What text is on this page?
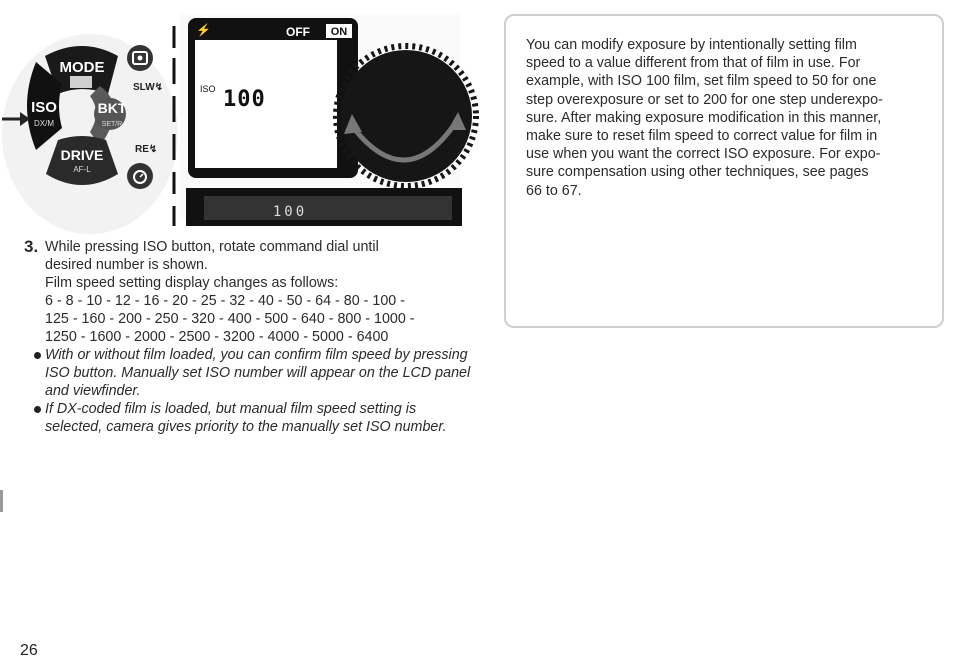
MODE
ISO
DX/M
BKT
SET/R
DRIVE
AF-L
SLW↯
RE↯
⚡	OFF ON
ISO 100
100
3. While pressing ISO button, rotate command dial until
desired number is shown.
Film speed setting display changes as follows:
6 - 8 - 10 - 12 - 16 - 20 - 25 - 32 - 40 - 50 - 64 - 80 - 100 -
125 - 160 - 200 - 250 - 320 - 400 - 500 - 640 - 800 - 1000 -
1250 - 1600 - 2000 - 2500 - 3200 - 4000 - 5000 - 6400
With or without film loaded, you can confirm film speed by pressing ISO button. Manually set ISO number will appear on the LCD panel and viewfinder.
If DX-coded film is loaded, but manual film speed setting is selected, camera gives priority to the manually set ISO number.
You can modify exposure by intentionally setting film
speed to a value different from that of film in use. For
example, with ISO 100 film, set film speed to 50 for one
step overexposure or set to 200 for one step underexpo-
sure. After making exposure modification in this manner,
make sure to reset film speed to correct value for film in
use when you want the correct ISO exposure. For expo-
sure compensation using other techniques, see pages
66 to 67.
26
